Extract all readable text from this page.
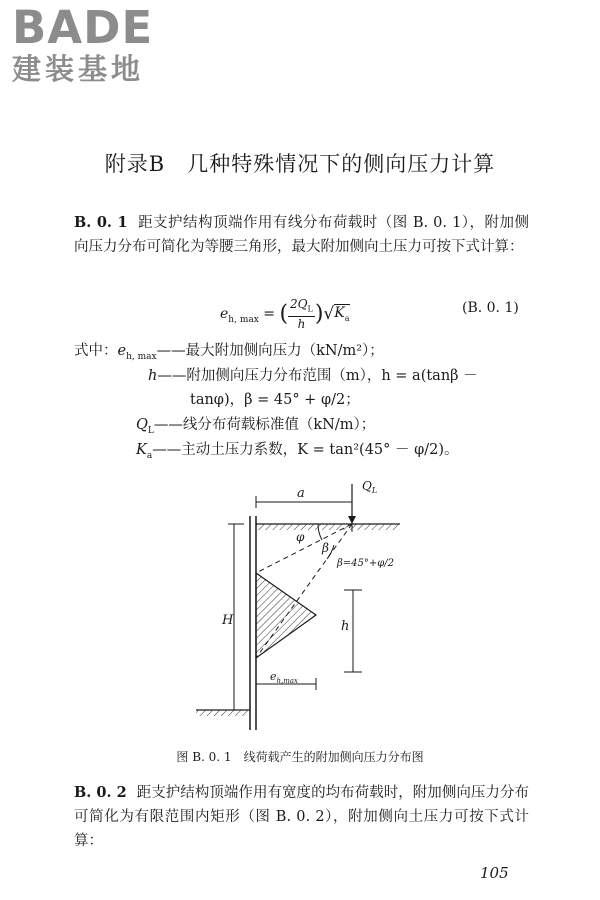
BADE
建装基地
附录B　几种特殊情况下的侧向压力计算
B. 0. 1 距支护结构顶端作用有线分布荷载时（图 B. 0. 1），附加侧向压力分布可简化为等腰三角形，最大附加侧向土压力可按下式计算：
$e_{h, max}$ = ( $\frac{2Q_L}{h} )√K_a$
(B. 0. 1)
式中：$e_{h, max}——$最大附加侧向压力（kN/m²）；
h——附加侧向压力分布范围（m），h = a(tanβ －
tanφ)，β = 45° + φ/2；
$Q_L——$线分布荷载标准值（kN/m）；
$K_a——$主动土压力系数，K = tan²(45° － φ/2)。
H
a	$Q_L$
φ
β
β=45°+φ/2
h
$e_{h,max}$
图 B. 0. 1　线荷载产生的附加侧向压力分布图
B. 0. 2 距支护结构顶端作用有宽度的均布荷载时，附加侧向压力分布可简化为有限范围内矩形（图 B. 0. 2），附加侧向土压力可按下式计算：
105
